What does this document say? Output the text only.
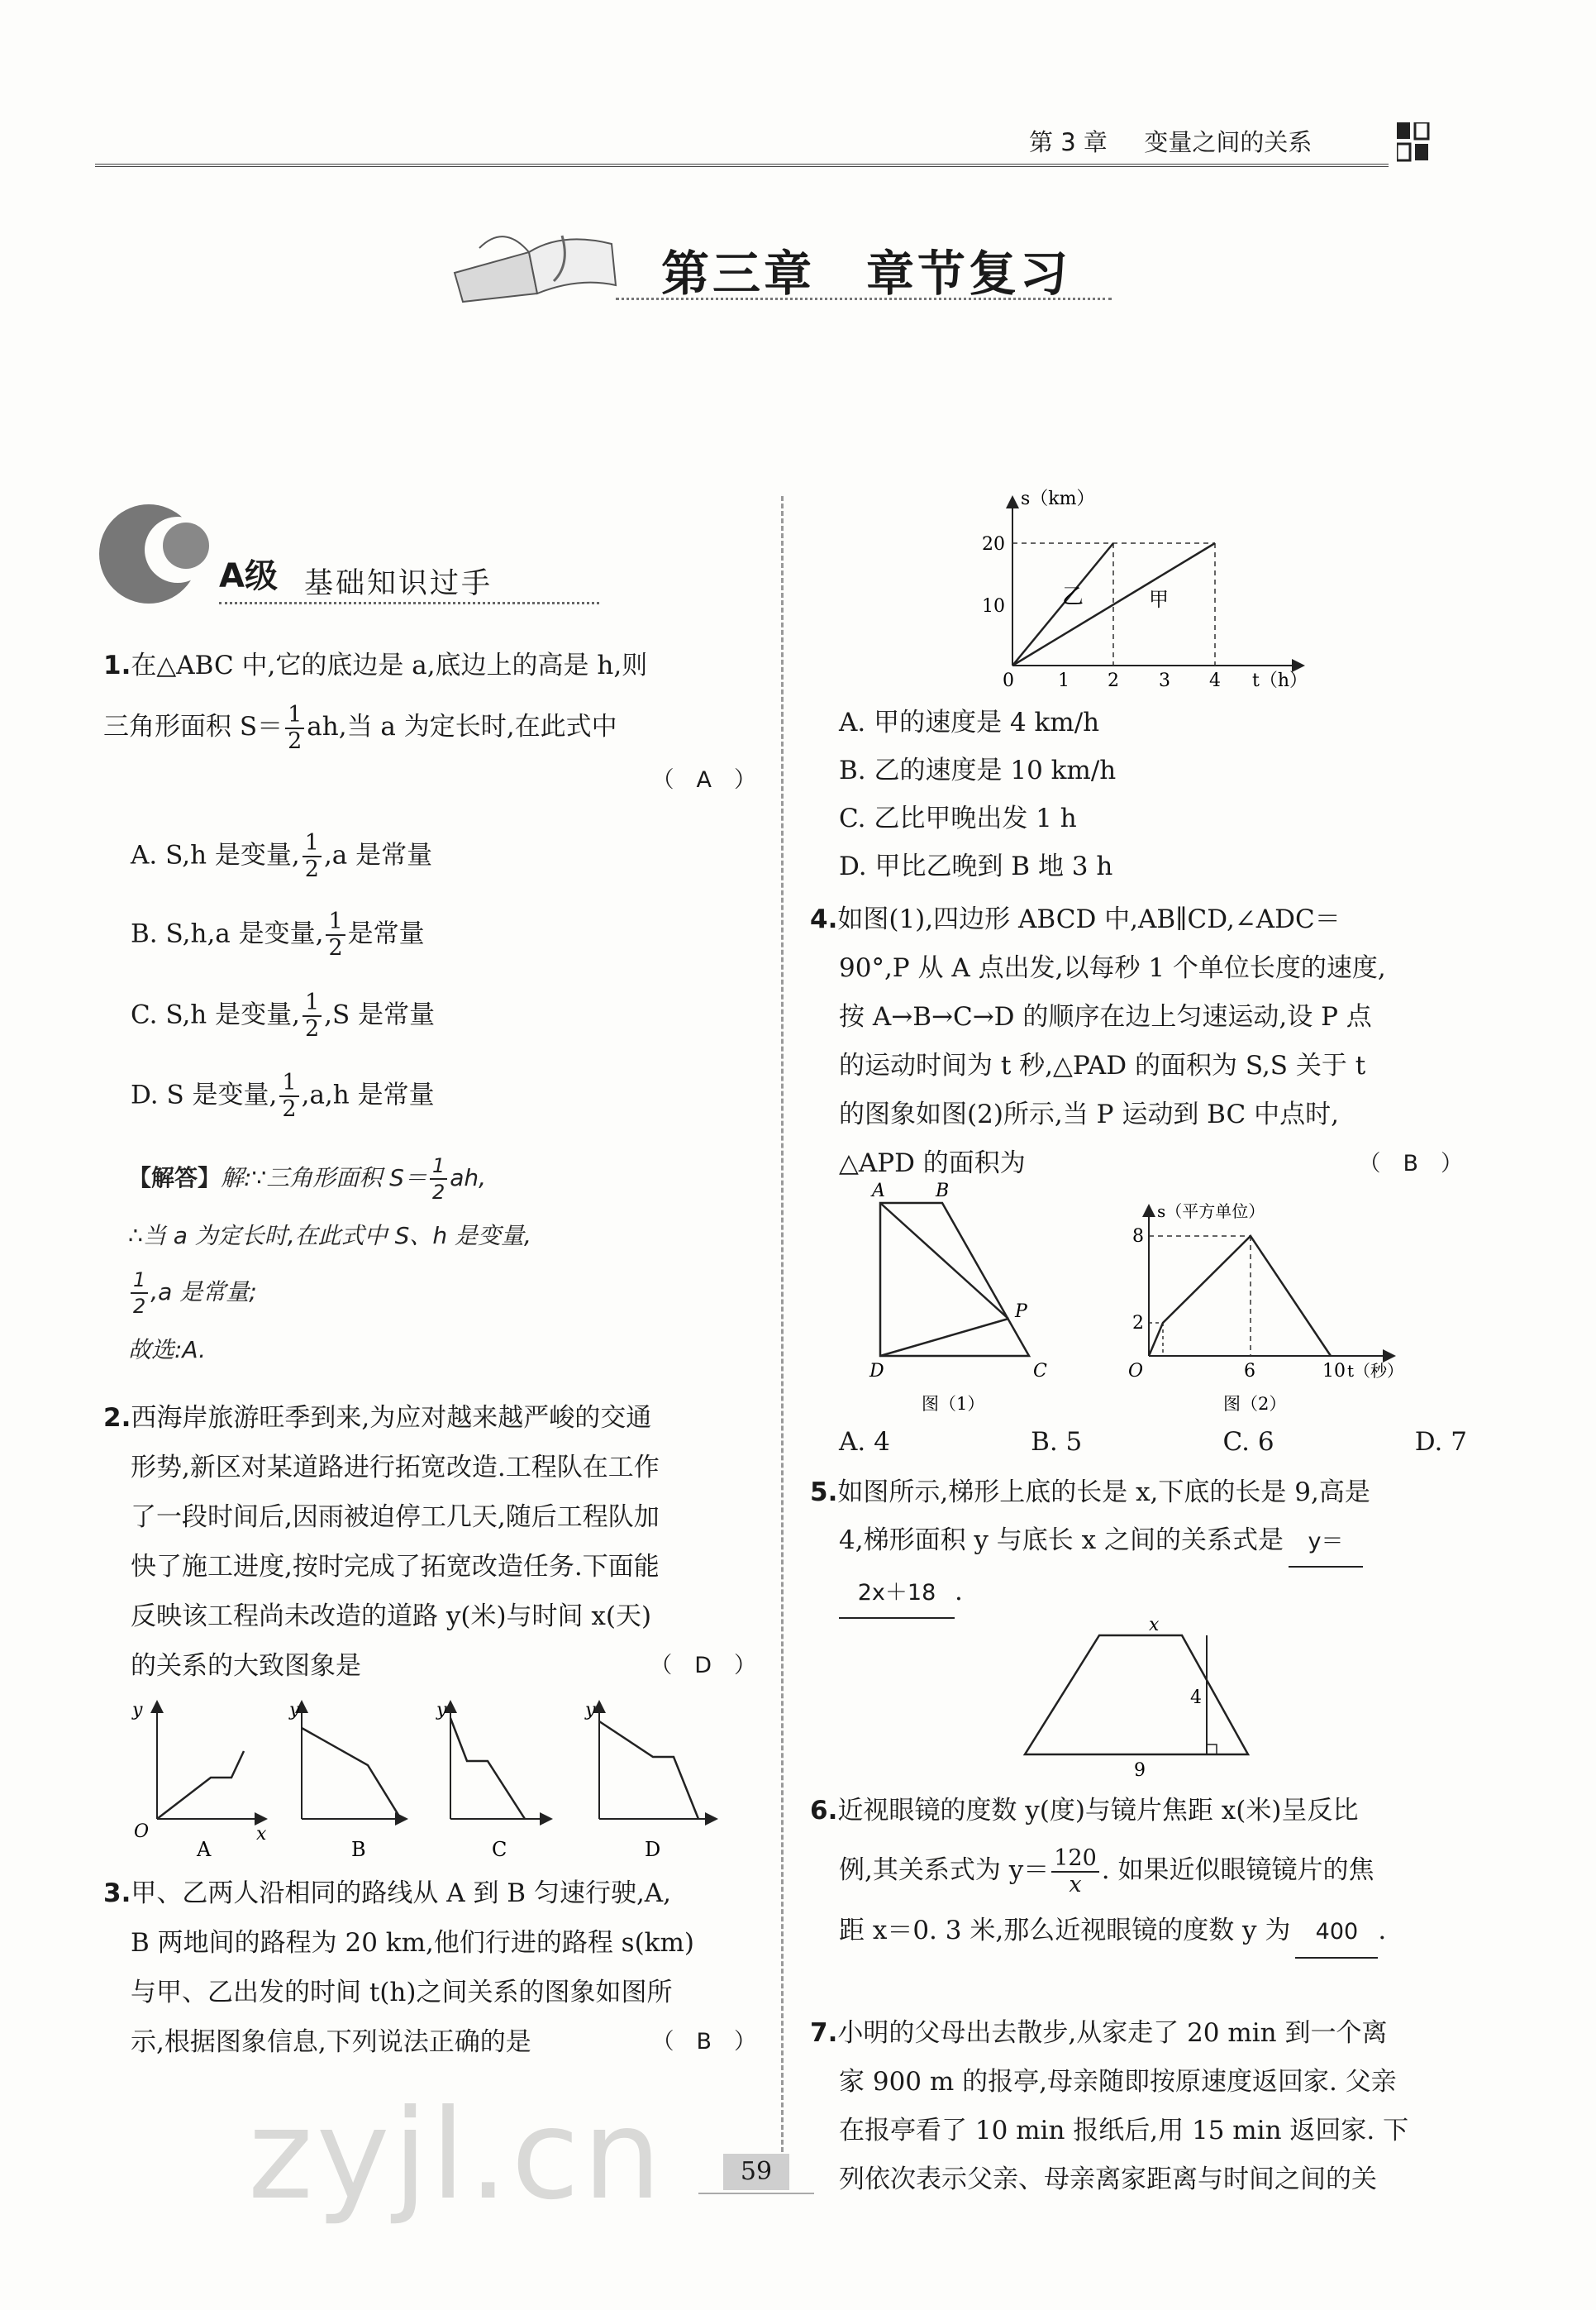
第 3 章 变量之间的关系
第三章　章节复习
A级 基础知识过手
1.在△ABC 中,它的底边是 a,底边上的高是 h,则
三角形面积 $S= \frac{1}{2}$ ah,当 a 为定长时,在此式中
（　A　）
A. S,h 是变量, $\frac{1}{2} ,a$ 是常量
B. S,h,a 是变量, $\frac{1}{2}$ 是常量
C. S,h 是变量, $\frac{1}{2} ,S$ 是常量
D. S 是变量, $\frac{1}{2} ,a,h$ 是常量
【解答】解:∵三角形面积 $S= \frac{1}{2}$ ah,
∴当 a 为定长时,在此式中 S、h 是变量,
$\frac{1}{2} ,a$ 是常量;
故选:A.
2.西海岸旅游旺季到来,为应对越来越严峻的交通
形势,新区对某道路进行拓宽改造.工程队在工作
了一段时间后,因雨被迫停工几天,随后工程队加
快了施工进度,按时完成了拓宽改造任务.下面能
反映该工程尚未改造的道路 y(米)与时间 x(天)
的关系的大致图象是	（　D　）
y
x
O
A
y
B
y
C
y
D
3.甲、乙两人沿相同的路线从 A 到 B 匀速行驶,A,
B 两地间的路程为 20 km,他们行进的路程 s(km)
与甲、乙出发的时间 t(h)之间关系的图象如图所
示,根据图象信息,下列说法正确的是	（　B　）
s（km）
t（h）
20
10
0 1 2 3 4
乙	甲
A. 甲的速度是 4 km/h
B. 乙的速度是 10 km/h
C. 乙比甲晚出发 1 h
D. 甲比乙晚到 B 地 3 h
4.如图(1),四边形 ABCD 中,AB∥CD,∠ADC＝
90°,P 从 A 点出发,以每秒 1 个单位长度的速度,
按 A→B→C→D 的顺序在边上匀速运动,设 P 点
的运动时间为 t 秒,△PAD 的面积为 S,S 关于 t
的图象如图(2)所示,当 P 运动到 BC 中点时,
△APD 的面积为	（　B　）
A	B
P
C
D
图（1）
s（平方单位）
8
2
O	6	10 t（秒）
图（2）
A. 4	B. 5	C. 6	D. 7
5.如图所示,梯形上底的长是 x,下底的长是 9,高是
4,梯形面积 y 与底长 x 之间的关系式是 y＝
2x＋18 .
x
4
9
6.近视眼镜的度数 y(度)与镜片焦距 x(米)呈反比
例,其关系式为 $y= \frac{120}{x}$ . 如果近似眼镜镜片的焦
距 x＝0. 3 米,那么近视眼镜的度数 y 为 400 .
7.小明的父母出去散步,从家走了 20 min 到一个离
家 900 m 的报亭,母亲随即按原速度返回家. 父亲
在报亭看了 10 min 报纸后,用 15 min 返回家. 下
列依次表示父亲、母亲离家距离与时间之间的关
59
zyjl.cn
